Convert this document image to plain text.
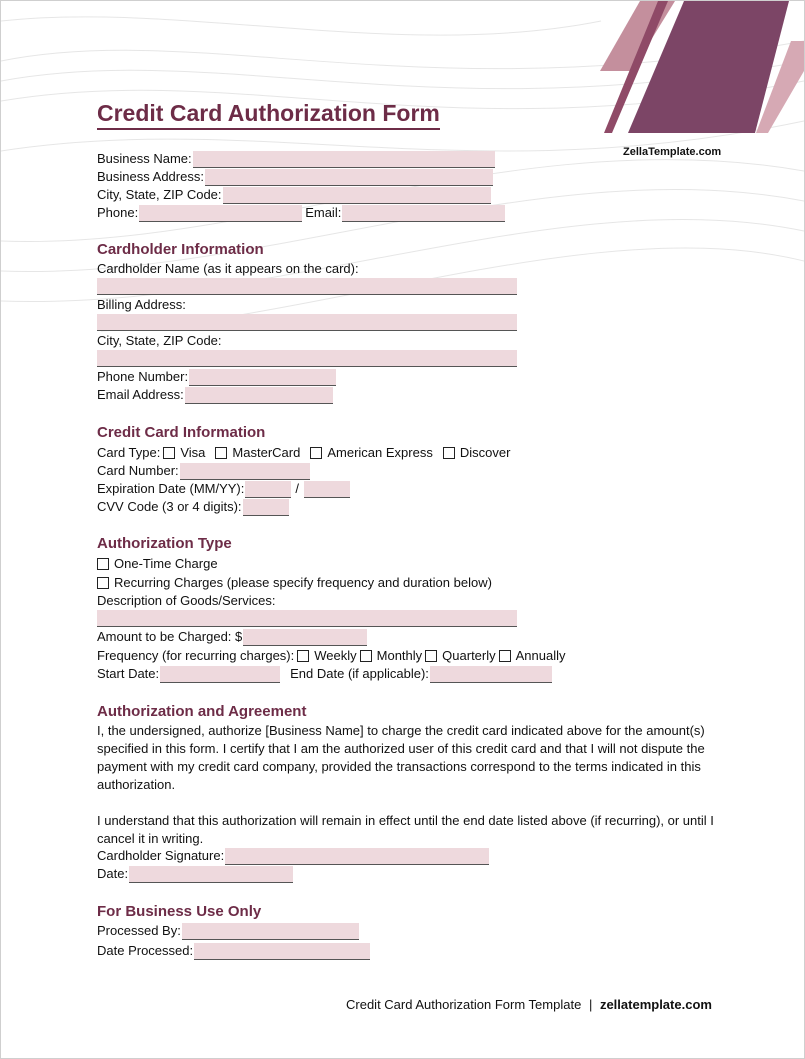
Credit Card Authorization Form
ZellaTemplate.com
Business Name:
Business Address:
City, State, ZIP Code:
Phone:	Email:
Cardholder Information
Cardholder Name (as it appears on the card):
Billing Address:
City, State, ZIP Code:
Phone Number:
Email Address:
Credit Card Information
Card Type: Visa MasterCard American Express Discover
Card Number:
Expiration Date (MM/YY):	/
CVV Code (3 or 4 digits):
Authorization Type
One-Time Charge
Recurring Charges (please specify frequency and duration below)
Description of Goods/Services:
Amount to be Charged: $
Frequency (for recurring charges): Weekly Monthly Quarterly Annually
Start Date:	End Date (if applicable):
Authorization and Agreement
I, the undersigned, authorize [Business Name] to charge the credit card indicated above for the amount(s) specified in this form. I certify that I am the authorized user of this credit card and that I will not dispute the payment with my credit card company, provided the transactions correspond to the terms indicated in this authorization.
I understand that this authorization will remain in effect until the end date listed above (if recurring), or until I cancel it in writing.
Cardholder Signature:
Date:
For Business Use Only
Processed By:
Date Processed:
Credit Card Authorization Form Template | zellatemplate.com
